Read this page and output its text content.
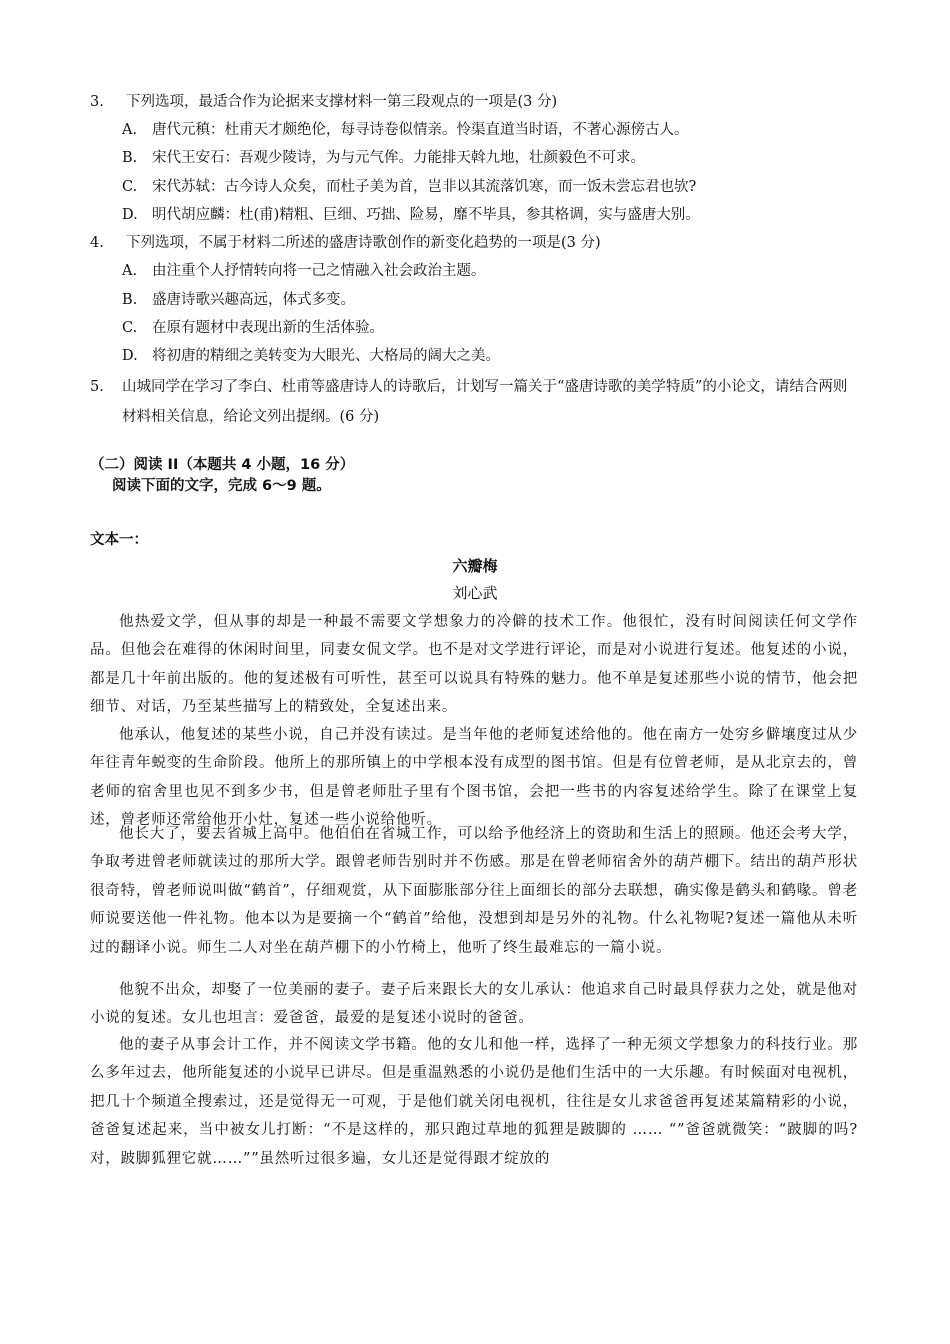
3. 下列选项，最适合作为论据来支撑材料一第三段观点的一项是(3 分)
A. 唐代元稹：杜甫天才颇绝伦，每寻诗卷似情亲。怜渠直道当时语，不著心源傍古人。
B. 宋代王安石：吾观少陵诗，为与元气侔。力能排天斡九地，壮颜毅色不可求。
C. 宋代苏轼：古今诗人众矣，而杜子美为首，岂非以其流落饥寒，而一饭未尝忘君也欤?
D. 明代胡应麟：杜(甫)精粗、巨细、巧拙、险易，靡不毕具，参其格调，实与盛唐大别。
4. 下列选项，不属于材料二所述的盛唐诗歌创作的新变化趋势的一项是(3 分)
A. 由注重个人抒情转向将一己之情融入社会政治主题。
B. 盛唐诗歌兴趣高远，体式多变。
C. 在原有题材中表现出新的生活体验。
D. 将初唐的精细之美转变为大眼光、大格局的阔大之美。
5. 山城同学在学习了李白、杜甫等盛唐诗人的诗歌后，计划写一篇关于“盛唐诗歌的美学特质”的小论文，请结合两则材料相关信息，给论文列出提纲。(6 分)
（二）阅读 II（本题共 4 小题，16 分） 阅读下面的文字，完成 6～9 题。
文本一：
六瓣梅
刘心武
他热爱文学，但从事的却是一种最不需要文学想象力的冷僻的技术工作。他很忙，没有时间阅读任何文学作品。但他会在难得的休闲时间里，同妻女侃文学。也不是对文学进行评论，而是对小说进行复述。他复述的小说，都是几十年前出版的。他的复述极有可听性，甚至可以说具有特殊的魅力。他不单是复述那些小说的情节，他会把细节、对话，乃至某些描写上的精致处，全复述出来。
他承认，他复述的某些小说，自己并没有读过。是当年他的老师复述给他的。他在南方一处穷乡僻壤度过从少年往青年蜕变的生命阶段。他所上的那所镇上的中学根本没有成型的图书馆。但是有位曾老师，是从北京去的，曾老师的宿舍里也见不到多少书，但是曾老师肚子里有个图书馆，会把一些书的内容复述给学生。除了在课堂上复述，曾老师还常给他开小灶，复述一些小说给他听。
他长大了，要去省城上高中。他伯伯在省城工作，可以给予他经济上的资助和生活上的照顾。他还会考大学，争取考进曾老师就读过的那所大学。跟曾老师告别时并不伤感。那是在曾老师宿舍外的葫芦棚下。结出的葫芦形状很奇特，曾老师说叫做“鹤首”，仔细观赏，从下面膨胀部分往上面细长的部分去联想，确实像是鹤头和鹤喙。曾老师说要送他一件礼物。他本以为是要摘一个“鹤首”给他，没想到却是另外的礼物。什么礼物呢?复述一篇他从未听过的翻译小说。师生二人对坐在葫芦棚下的小竹椅上，他听了终生最难忘的一篇小说。
他貌不出众，却娶了一位美丽的妻子。妻子后来跟长大的女儿承认：他追求自己时最具俘获力之处，就是他对小说的复述。女儿也坦言：爱爸爸，最爱的是复述小说时的爸爸。
他的妻子从事会计工作，并不阅读文学书籍。他的女儿和他一样，选择了一种无须文学想象力的科技行业。那么多年过去，他所能复述的小说早已讲尽。但是重温熟悉的小说仍是他们生活中的一大乐趣。有时候面对电视机，把几十个频道全搜索过，还是觉得无一可观，于是他们就关闭电视机，往往是女儿求爸爸再复述某篇精彩的小说，爸爸复述起来，当中被女儿打断：“不是这样的，那只跑过草地的狐狸是跛脚的 …… “”爸爸就微笑：“跛脚的吗?对，跛脚狐狸它就……””虽然听过很多遍，女儿还是觉得跟才绽放的
